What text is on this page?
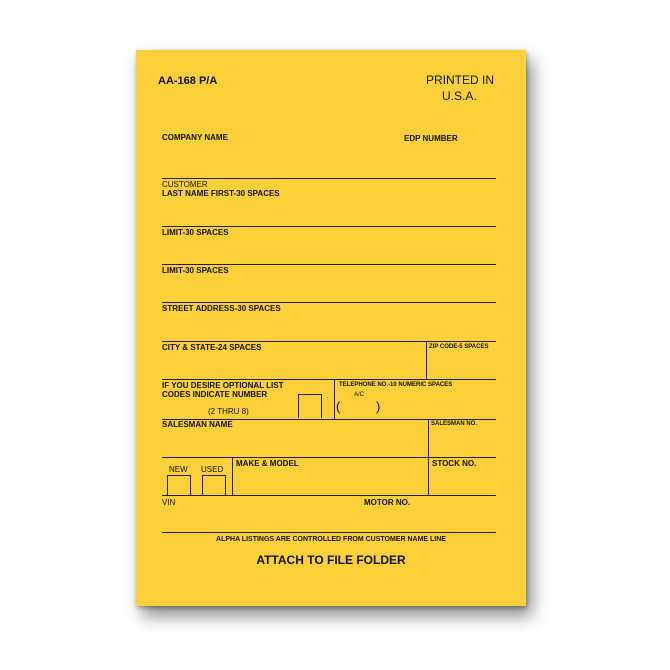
AA-168 P/A	PRINTED IN
U.S.A.
COMPANY NAME	EDP NUMBER
CUSTOMER
LAST NAME FIRST-30 SPACES
LIMIT-30 SPACES
LIMIT-30 SPACES
STREET ADDRESS-30 SPACES
CITY & STATE-24 SPACES	ZIP CODE-5 SPACES
IF YOU DESIRE OPTIONAL LIST
CODES INDICATE NUMBER
(2 THRU 8)
TELEPHONE NO.-10 NUMERIC SPACES
A/C
(	)
SALESMAN NAME	SALESMAN NO.
NEW USED
MAKE & MODEL	STOCK NO.
VIN	MOTOR NO.
ALPHA LISTINGS ARE CONTROLLED FROM CUSTOMER NAME LINE
ATTACH TO FILE FOLDER
